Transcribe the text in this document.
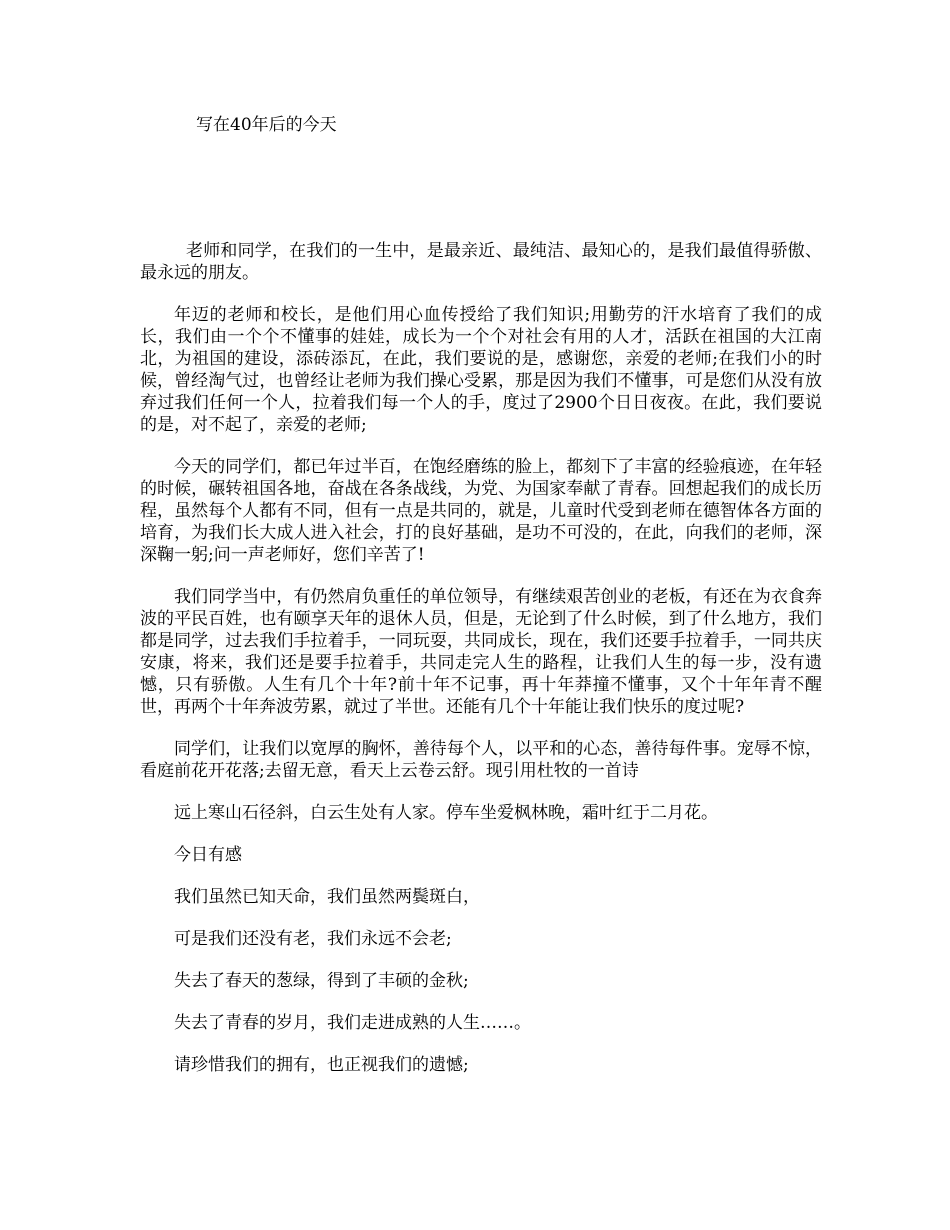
写在40年后的今天

老师和同学，在我们的一生中，是最亲近、最纯洁、最知心的，是我们最值得骄傲、最永远的朋友。

年迈的老师和校长，是他们用心血传授给了我们知识;用勤劳的汗水培育了我们的成长，我们由一个个不懂事的娃娃，成长为一个个对社会有用的人才，活跃在祖国的大江南北，为祖国的建设，添砖添瓦，在此，我们要说的是，感谢您，亲爱的老师;在我们小的时候，曾经淘气过，也曾经让老师为我们操心受累，那是因为我们不懂事，可是您们从没有放弃过我们任何一个人，拉着我们每一个人的手，度过了2900个日日夜夜。在此，我们要说的是，对不起了，亲爱的老师;

今天的同学们，都已年过半百，在饱经磨练的脸上，都刻下了丰富的经验痕迹，在年轻的时候，碾转祖国各地，奋战在各条战线，为党、为国家奉献了青春。回想起我们的成长历程，虽然每个人都有不同，但有一点是共同的，就是，儿童时代受到老师在德智体各方面的培育，为我们长大成人进入社会，打的良好基础，是功不可没的，在此，向我们的老师，深深鞠一躬;问一声老师好，您们辛苦了!

我们同学当中，有仍然肩负重任的单位领导，有继续艰苦创业的老板，有还在为衣食奔波的平民百姓，也有颐享天年的退休人员，但是，无论到了什么时候，到了什么地方，我们都是同学，过去我们手拉着手，一同玩耍，共同成长，现在，我们还要手拉着手，一同共庆安康，将来，我们还是要手拉着手，共同走完人生的路程，让我们人生的每一步，没有遗憾，只有骄傲。人生有几个十年?前十年不记事，再十年莽撞不懂事，又个十年年青不醒世，再两个十年奔波劳累，就过了半世。还能有几个十年能让我们快乐的度过呢?

同学们，让我们以宽厚的胸怀，善待每个人，以平和的心态，善待每件事。宠辱不惊，看庭前花开花落;去留无意，看天上云卷云舒。现引用杜牧的一首诗

远上寒山石径斜，白云生处有人家。停车坐爱枫林晚，霜叶红于二月花。
今日有感
我们虽然已知天命，我们虽然两鬓斑白，
可是我们还没有老，我们永远不会老;
失去了春天的葱绿，得到了丰硕的金秋;
失去了青春的岁月，我们走进成熟的人生……。
请珍惜我们的拥有，也正视我们的遗憾;
